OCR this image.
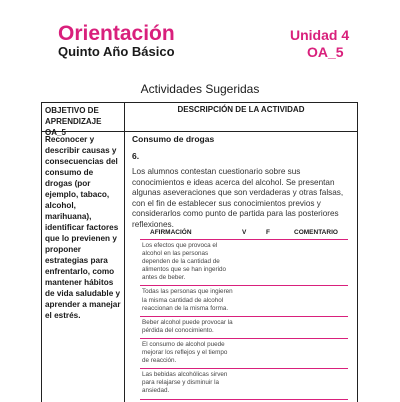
Orientación
Quinto Año Básico
Unidad 4
OA_5
Actividades Sugeridas
OBJETIVO DE APRENDIZAJE OA_5
DESCRIPCIÓN DE LA ACTIVIDAD
Reconocer y describir causas y consecuencias del consumo de drogas (por ejemplo, tabaco, alcohol, marihuana), identificar factores que lo previenen y proponer estrategias para enfrentarlo, como mantener hábitos de vida saludable y aprender a manejar el estrés.
Consumo de drogas
6.
Los alumnos contestan cuestionario sobre sus conocimientos e ideas acerca del alcohol. Se presentan algunas aseveraciones que son verdaderas y otras falsas, con el fin de establecer sus conocimientos previos y considerarlos como punto de partida para las posteriores reflexiones.
AFIRMACIÓN	V	F	COMENTARIO
Los efectos que provoca el alcohol en las personas dependen de la cantidad de alimentos que se han ingerido antes de beber.
Todas las personas que ingieren la misma cantidad de alcohol reaccionan de la misma forma.
Beber alcohol puede provocar la pérdida del conocimiento.
El consumo de alcohol puede mejorar los reflejos y el tiempo de reacción.
Las bebidas alcohólicas sirven para relajarse y disminuir la ansiedad.
